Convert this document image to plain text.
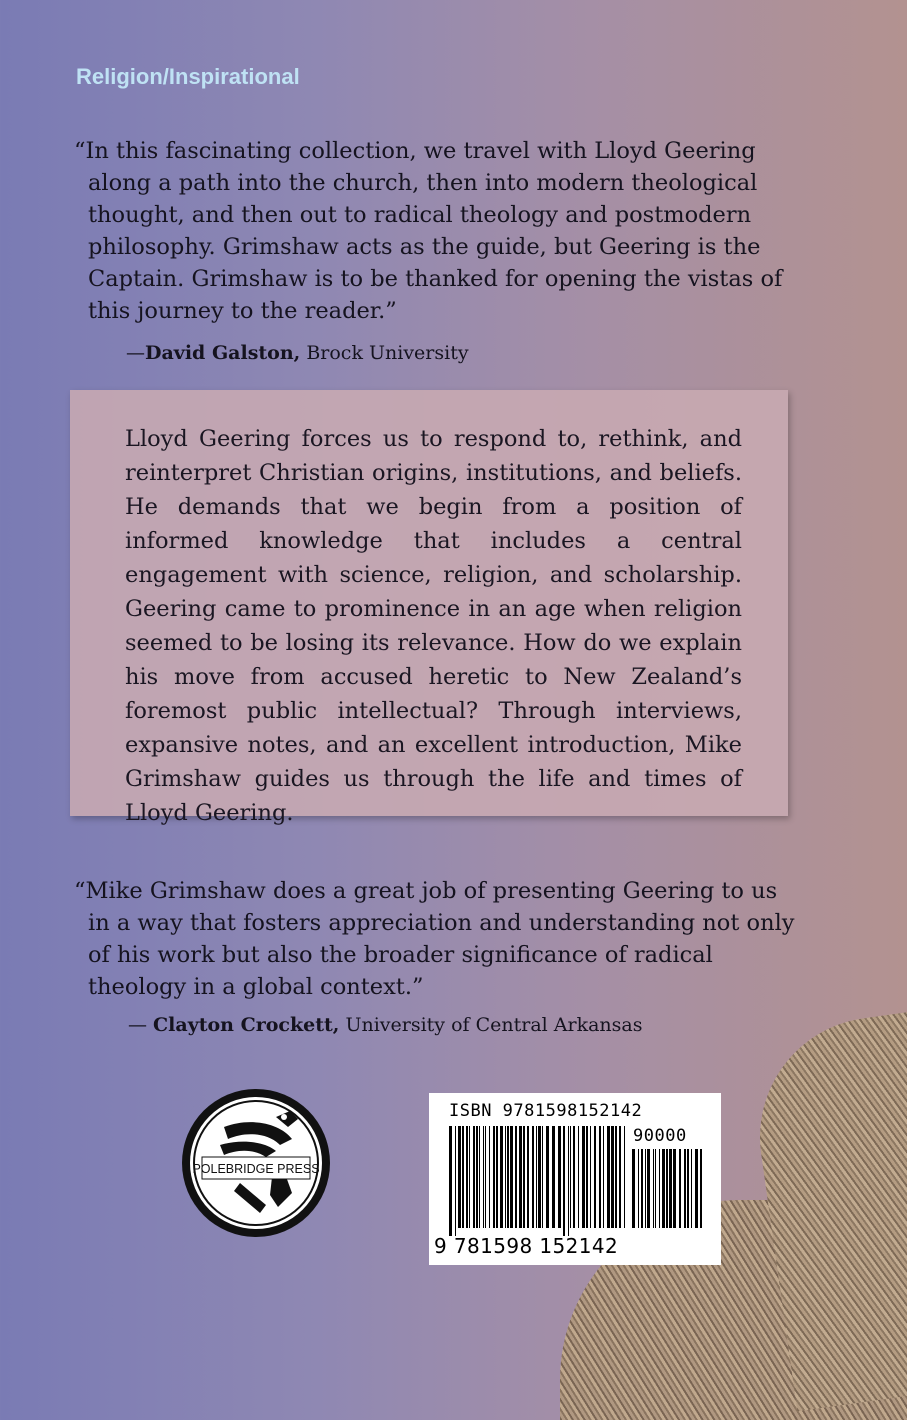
Religion/Inspirational

“In this fascinating collection, we travel with Lloyd Geering along a path into the church, then into modern theological thought, and then out to radical theology and postmodern philosophy. Grimshaw acts as the guide, but Geering is the Captain. Grimshaw is to be thanked for opening the vistas of this journey to the reader.”

—David Galston, Brock University

Lloyd Geering forces us to respond to, rethink, and reinterpret Christian origins, institutions, and beliefs. He demands that we begin from a position of informed knowledge that includes a central engagement with science, religion, and scholarship. Geering came to prominence in an age when religion seemed to be losing its relevance. How do we explain his move from accused heretic to New Zealand’s foremost public intellectual? Through interviews, expansive notes, and an excellent introduction, Mike Grimshaw guides us through the life and times of Lloyd Geering.

“Mike Grimshaw does a great job of presenting Geering to us in a way that fosters appreciation and understanding not only of his work but also the broader significance of radical theology in a global context.”

— Clayton Crockett, University of Central Arkansas
POLEBRIDGE PRESS
ISBN 9781598152142
90000
9 781598 152142
